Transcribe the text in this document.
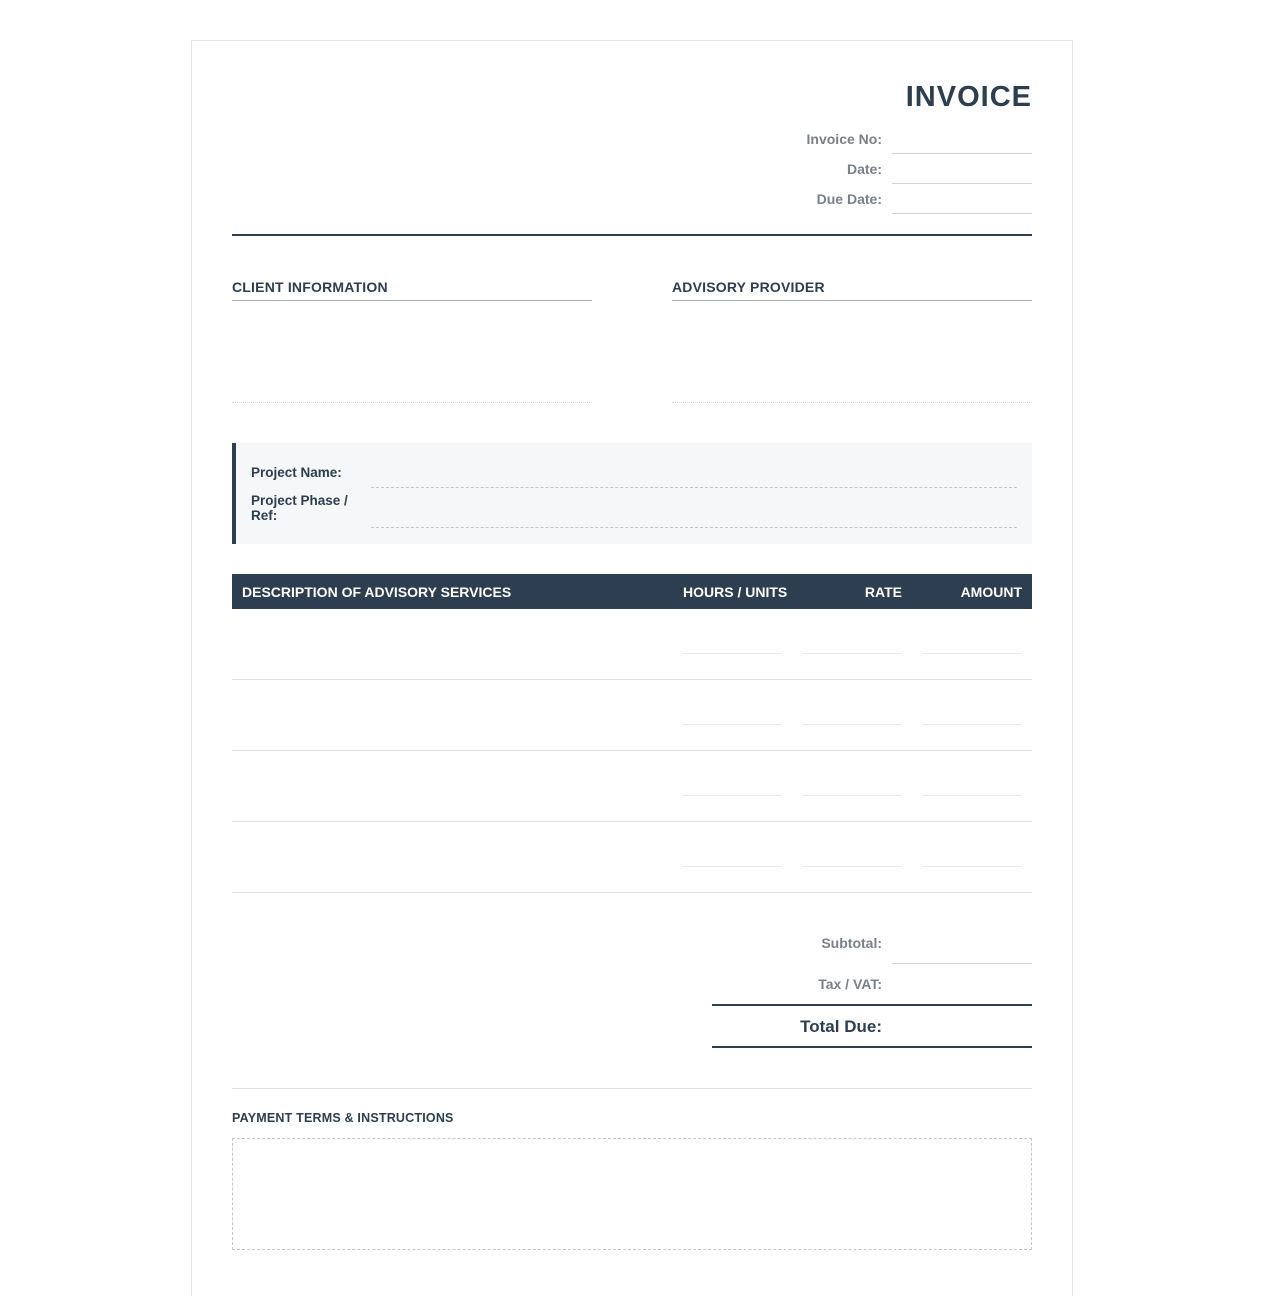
INVOICE
Invoice No:
Date:
Due Date:
CLIENT INFORMATION	ADVISORY PROVIDER
Project Name:
Project Phase / Ref:
DESCRIPTION OF ADVISORY SERVICES	HOURS / UNITS	RATE	AMOUNT
Subtotal:
Tax / VAT:
Total Due:
PAYMENT TERMS & INSTRUCTIONS
